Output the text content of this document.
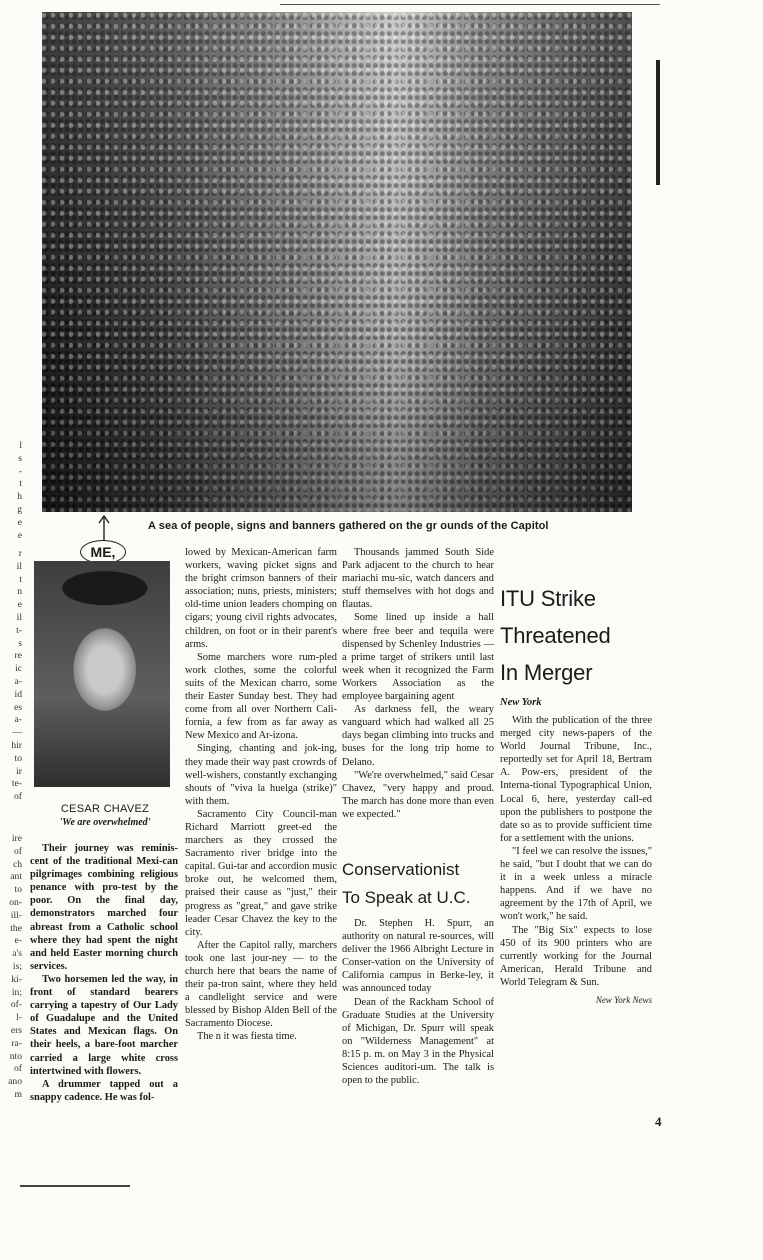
A sea of people, signs and banners gathered on the gr ounds of the Capitol
ME,
CESAR CHAVEZ
'We are overwhelmed'
l
s
-
t
h
g
e
e
r
il
t
n
e
il
t-
s
re
ic
a-
id
es
a-
—
hir
to
ir
te-
of
ire
of
ch
ant
to
on-
ill-
the
e-
a's
is;
ki-
in;
of-
l-
ers
ra-
nto
of
ano
m

Their journey was reminis-cent of the traditional Mexi-can pilgrimages combining religious penance with pro-test by the poor. On the final day, demonstrators marched four abreast from a Catholic school where they had spent the night and held Easter morning church services.

Two horsemen led the way, in front of standard bearers carrying a tapestry of Our Lady of Guadalupe and the United States and Mexican flags. On their heels, a bare-foot marcher carried a large white cross intertwined with flowers.

A drummer tapped out a snappy cadence. He was fol-

lowed by Mexican-American farm workers, waving picket signs and the bright crimson banners of their association; nuns, priests, ministers; old-time union leaders chomping on cigars; young civil rights advocates, children, on foot or in their parent's arms.

Some marchers wore rum-pled work clothes, some the colorful suits of the Mexican charro, some their Easter Sunday best. They had come from all over Northern Cali-fornia, a few from as far away as New Mexico and Ar-izona.

Singing, chanting and jok-ing, they made their way past crowrds of well-wishers, constantly exchanging shouts of "viva la huelga (strike)" with them.

Sacramento City Council-man Richard Marriott greet-ed the marchers as they crossed the Sacramento river bridge into the capital. Gui-tar and accordion music broke out, he welcomed them, praised their cause as "just," their progress as "great," and gave strike leader Cesar Chavez the key to the city.

After the Capitol rally, marchers took one last jour-ney — to the church here that bears the name of their pa-tron saint, where they held a candlelight service and were blessed by Bishop Alden Bell of the Sacramento Diocese.

The n it was fiesta time.

Thousands jammed South Side Park adjacent to the church to hear mariachi mu-sic, watch dancers and stuff themselves with hot dogs and flautas.

Some lined up inside a hall where free beer and tequila were dispensed by Schenley Industries — a prime target of strikers until last week when it recognized the Farm Workers Association as the employee bargaining agent

As darkness fell, the weary vanguard which had walked all 25 days began climbing into trucks and buses for the long trip home to Delano.

"We're overwhelmed," said Cesar Chavez, "very happy and proud. The march has done more than even we expected."

Conservationist
To Speak at U.C.

Dr. Stephen H. Spurr, an authority on natural re-sources, will deliver the 1966 Albright Lecture in Conser-vation on the University of California campus in Berke-ley, it was announced today

Dean of the Rackham School of Graduate Studies at the University of Michigan, Dr. Spurr will speak on "Wilderness Management" at 8:15 p. m. on May 3 in the Physical Sciences auditori-um. The talk is open to the public.

ITU Strike
Threatened
In Merger
New York

With the publication of the three merged city news-papers of the World Journal Tribune, Inc., reportedly set for April 18, Bertram A. Pow-ers, president of the Interna-tional Typographical Union, Local 6, here, yesterday call-ed upon the publishers to postpone the date so as to provide sufficient time for a settlement with the unions.

"I feel we can resolve the issues," he said, "but I doubt that we can do it in a week unless a miracle happens. And if we have no agreement by the 17th of April, we won't work," he said.

The "Big Six" expects to lose 450 of its 900 printers who are currently working for the Journal American, Herald Tribune and World Telegram & Sun.

New York News
4
